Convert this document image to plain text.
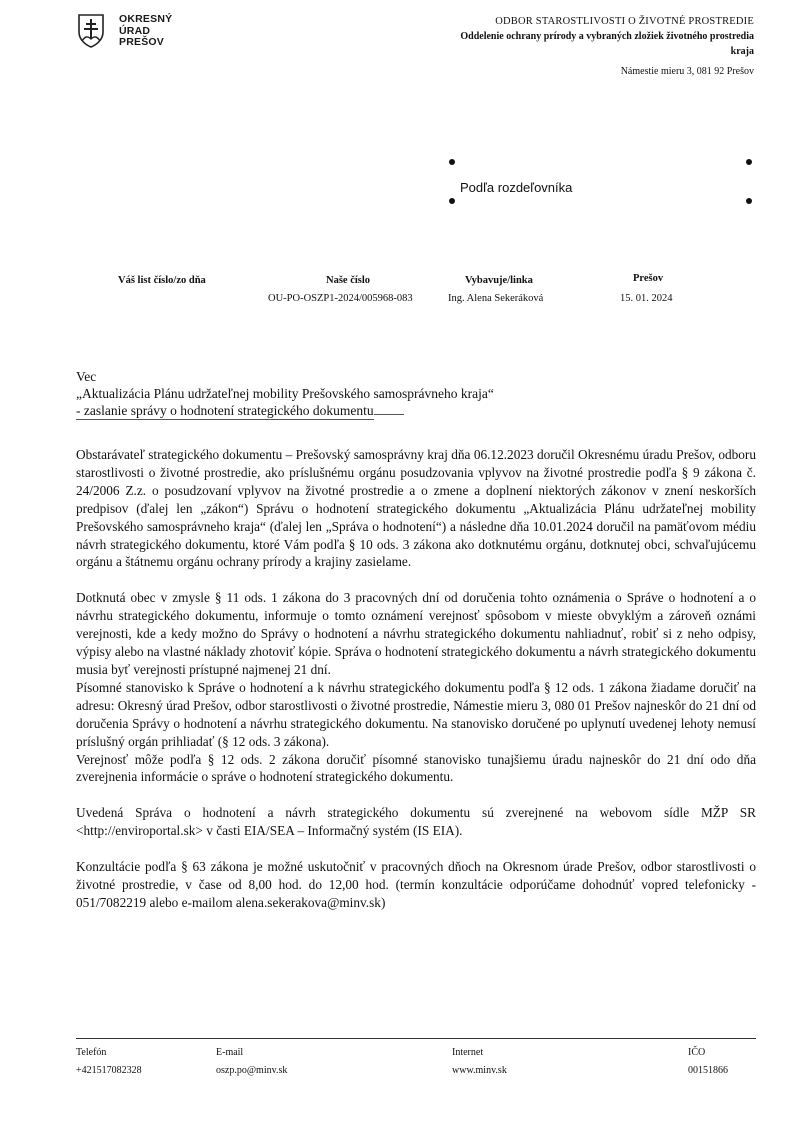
OKRESNÝ
ÚRAD
PREŠOV
ODBOR STAROSTLIVOSTI O ŽIVOTNÉ PROSTREDIE
Oddelenie ochrany prírody a vybraných zložiek životného prostredia
kraja
Námestie mieru 3, 081 92 Prešov
Podľa rozdeľovníka
Váš list číslo/zo dňa	Naše číslo
OU-PO-OSZP1-2024/005968-083
Vybavuje/linka
Ing. Alena Sekeráková
Prešov
15. 01. 2024
Vec
„Aktualizácia Plánu udržateľnej mobility Prešovského samosprávneho kraja“
- zaslanie správy o hodnotení strategického dokumentu

Obstarávateľ strategického dokumentu – Prešovský samosprávny kraj dňa 06.12.2023 doručil Okresnému úradu Prešov, odboru starostlivosti o životné prostredie, ako príslušnému orgánu posudzovania vplyvov na životné prostredie podľa § 9 zákona č. 24/2006 Z.z. o posudzovaní vplyvov na životné prostredie a o zmene a doplnení niektorých zákonov v znení neskorších predpisov (ďalej len „zákon“) Správu o hodnotení strategického dokumentu „Aktualizácia Plánu udržateľnej mobility Prešovského samosprávneho kraja“ (ďalej len „Správa o hodnotení“) a následne dňa 10.01.2024 doručil na pamäťovom médiu návrh strategického dokumentu, ktoré Vám podľa § 10 ods. 3 zákona ako dotknutému orgánu, dotknutej obci, schvaľujúcemu orgánu a štátnemu orgánu ochrany prírody a krajiny zasielame.

Dotknutá obec v zmysle § 11 ods. 1 zákona do 3 pracovných dní od doručenia tohto oznámenia o Správe o hodnotení a o návrhu strategického dokumentu, informuje o tomto oznámení verejnosť spôsobom v mieste obvyklým a zároveň oznámi verejnosti, kde a kedy možno do Správy o hodnotení a návrhu strategického dokumentu nahliadnuť, robiť si z neho odpisy, výpisy alebo na vlastné náklady zhotoviť kópie. Správa o hodnotení strategického dokumentu a návrh strategického dokumentu musia byť verejnosti prístupné najmenej 21 dní.

Písomné stanovisko k Správe o hodnotení a k návrhu strategického dokumentu podľa § 12 ods. 1 zákona žiadame doručiť na adresu: Okresný úrad Prešov, odbor starostlivosti o životné prostredie, Námestie mieru 3, 080 01 Prešov najneskôr do 21 dní od doručenia Správy o hodnotení a návrhu strategického dokumentu. Na stanovisko doručené po uplynutí uvedenej lehoty nemusí príslušný orgán prihliadať (§ 12 ods. 3 zákona).

Verejnosť môže podľa § 12 ods. 2 zákona doručiť písomné stanovisko tunajšiemu úradu najneskôr do 21 dní odo dňa zverejnenia informácie o správe o hodnotení strategického dokumentu.

Uvedená Správa o hodnotení a návrh strategického dokumentu sú zverejnené na webovom sídle MŽP SR <http://enviroportal.sk> v časti EIA/SEA – Informačný systém (IS EIA).

Konzultácie podľa § 63 zákona je možné uskutočniť v pracovných dňoch na Okresnom úrade Prešov, odbor starostlivosti o životné prostredie, v čase od 8,00 hod. do 12,00 hod. (termín konzultácie odporúčame dohodnúť vopred telefonicky - 051/7082219 alebo e-mailom alena.sekerakova@minv.sk)

Telefón
+421517082328
E-mail
oszp.po@minv.sk
Internet
www.minv.sk
IČO
00151866
